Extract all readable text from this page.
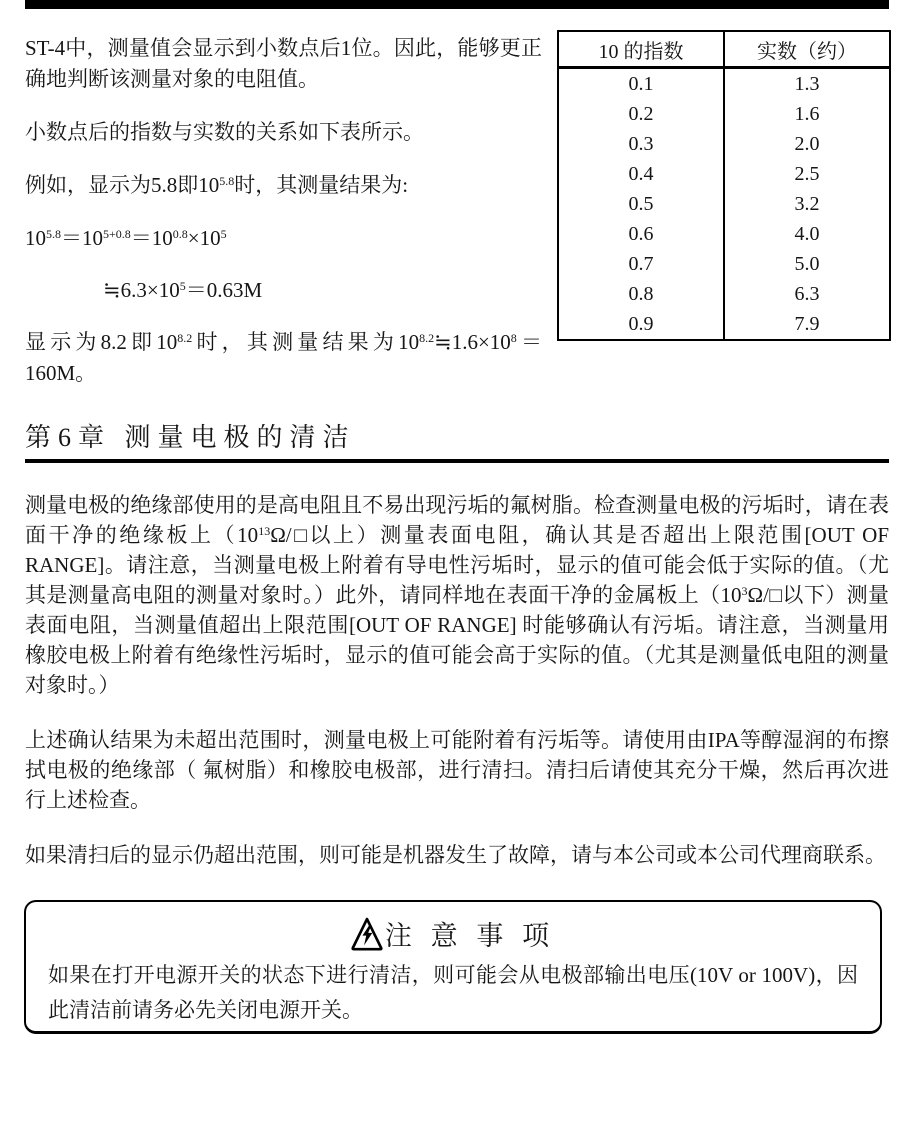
ST-4中，测量值会显示到小数点后1位。因此，能够更正确地判断该测量对象的电阻值。

小数点后的指数与实数的关系如下表所示。

例如，显示为5.8即$10^{5.8}$时，其测量结果为:

$10^{5.8}=10^{5+0.8}=10^{0.8}\times 10^5$

$≒6.3\times 10^5=0.63M$

显示为8.2即$10^{8.2}$时，其测量结果为$10^{8.2}≒1.6\times 10^8=160M$。

10 的指数	实数（约）
0.1	1.3
0.2	1.6
0.3	2.0
0.4	2.5
0.5	3.2
0.6	4.0
0.7	5.0
0.8	6.3
0.9	7.9
第6章 测量电极的清洁

测量电极的绝缘部使用的是高电阻且不易出现污垢的氟树脂。检查测量电极的污垢时，请在表面干净的绝缘板上（$10^{13}\Omega/□$以上）测量表面电阻，确认其是否超出上限范围[OUT OF RANGE]。请注意，当测量电极上附着有导电性污垢时，显示的值可能会低于实际的值。（尤其是测量高电阻的测量对象时。）此外，请同样地在表面干净的金属板上（$10^3\Omega/□$以下）测量表面电阻，当测量值超出上限范围[OUT OF RANGE] 时能够确认有污垢。请注意，当测量用橡胶电极上附着有绝缘性污垢时，显示的值可能会高于实际的值。（尤其是测量低电阻的测量对象时。）

上述确认结果为未超出范围时，测量电极上可能附着有污垢等。请使用由IPA等醇湿润的布擦拭电极的绝缘部（ 氟树脂）和橡胶电极部，进行清扫。清扫后请使其充分干燥，然后再次进行上述检查。

如果清扫后的显示仍超出范围，则可能是机器发生了故障，请与本公司或本公司代理商联系。

注 意 事 项
如果在打开电源开关的状态下进行清洁，则可能会从电极部输出电压(10V or 100V)，因此清洁前请务必先关闭电源开关。
